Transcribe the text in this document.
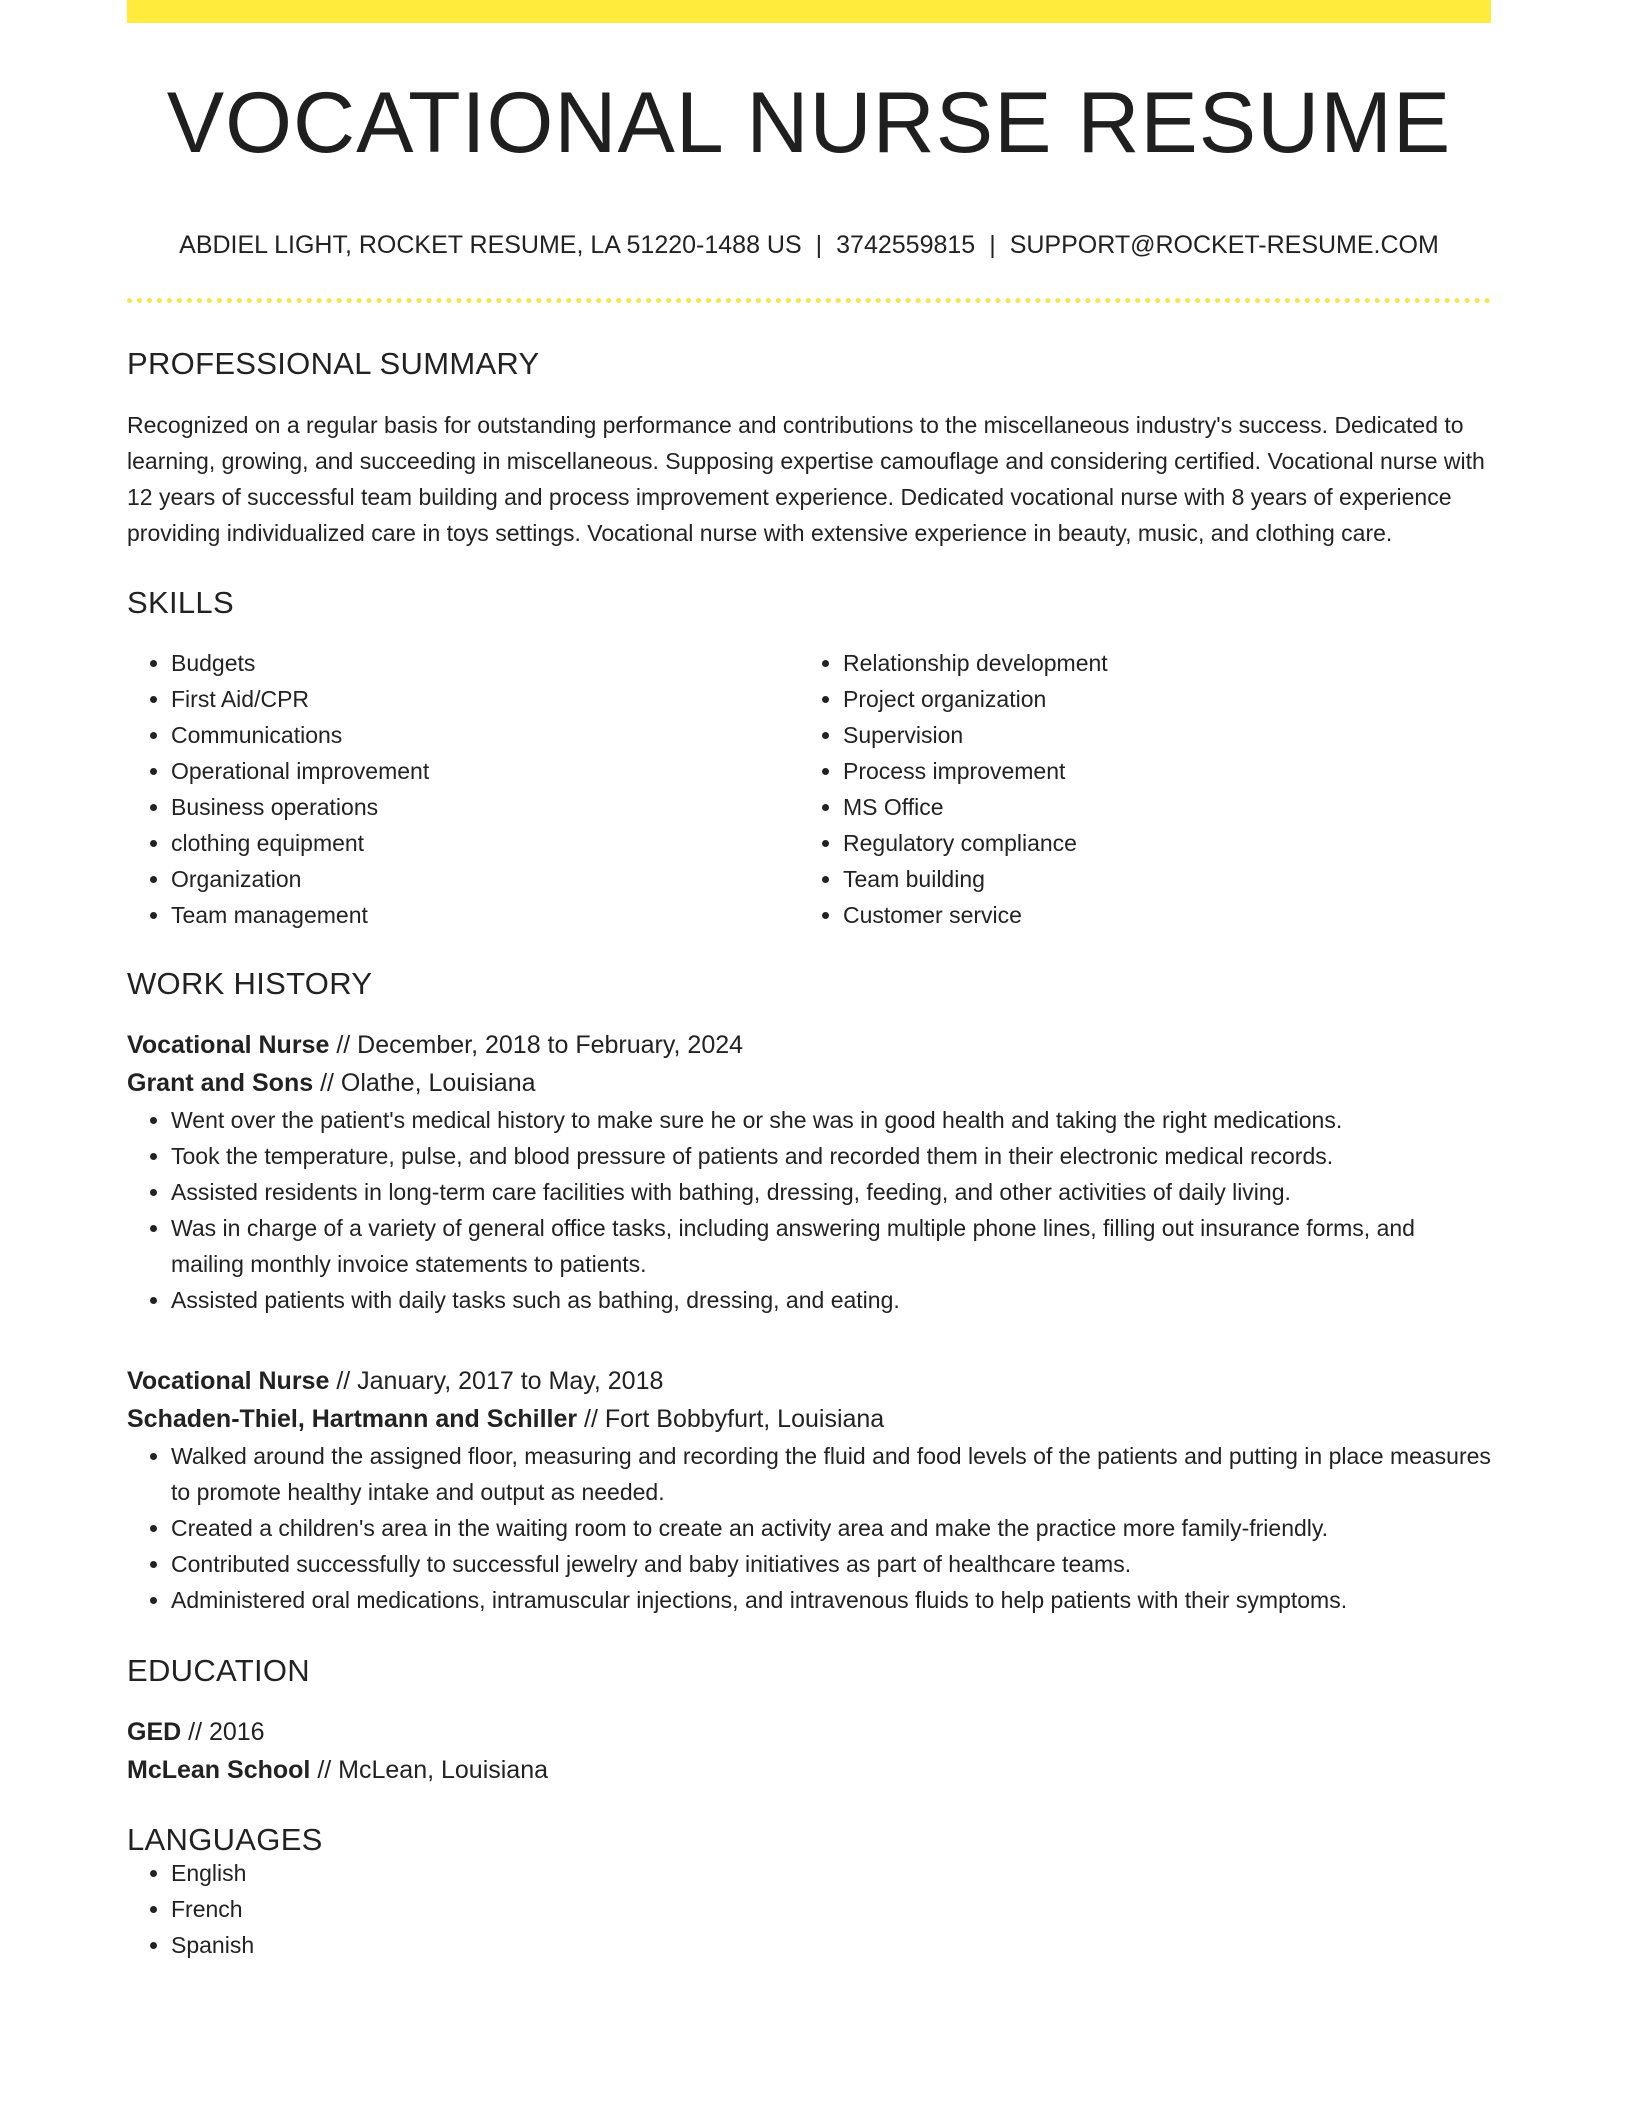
VOCATIONAL NURSE RESUME
ABDIEL LIGHT, ROCKET RESUME, LA 51220-1488 US | 3742559815 | SUPPORT@ROCKET-RESUME.COM
PROFESSIONAL SUMMARY
Recognized on a regular basis for outstanding performance and contributions to the miscellaneous industry's success. Dedicated to learning, growing, and succeeding in miscellaneous. Supposing expertise camouflage and considering certified. Vocational nurse with 12 years of successful team building and process improvement experience. Dedicated vocational nurse with 8 years of experience providing individualized care in toys settings. Vocational nurse with extensive experience in beauty, music, and clothing care.
SKILLS
• Budgets
• First Aid/CPR
• Communications
• Operational improvement
• Business operations
• clothing equipment
• Organization
• Team management
• Relationship development
• Project organization
• Supervision
• Process improvement
• MS Office
• Regulatory compliance
• Team building
• Customer service
WORK HISTORY
Vocational Nurse // December, 2018 to February, 2024
Grant and Sons // Olathe, Louisiana
• Went over the patient's medical history to make sure he or she was in good health and taking the right medications.
• Took the temperature, pulse, and blood pressure of patients and recorded them in their electronic medical records.
• Assisted residents in long-term care facilities with bathing, dressing, feeding, and other activities of daily living.
• Was in charge of a variety of general office tasks, including answering multiple phone lines, filling out insurance forms, and mailing monthly invoice statements to patients.
• Assisted patients with daily tasks such as bathing, dressing, and eating.
Vocational Nurse // January, 2017 to May, 2018
Schaden-Thiel, Hartmann and Schiller // Fort Bobbyfurt, Louisiana
• Walked around the assigned floor, measuring and recording the fluid and food levels of the patients and putting in place measures to promote healthy intake and output as needed.
• Created a children's area in the waiting room to create an activity area and make the practice more family-friendly.
• Contributed successfully to successful jewelry and baby initiatives as part of healthcare teams.
• Administered oral medications, intramuscular injections, and intravenous fluids to help patients with their symptoms.
EDUCATION
GED // 2016
McLean School // McLean, Louisiana
LANGUAGES
• English
• French
• Spanish
